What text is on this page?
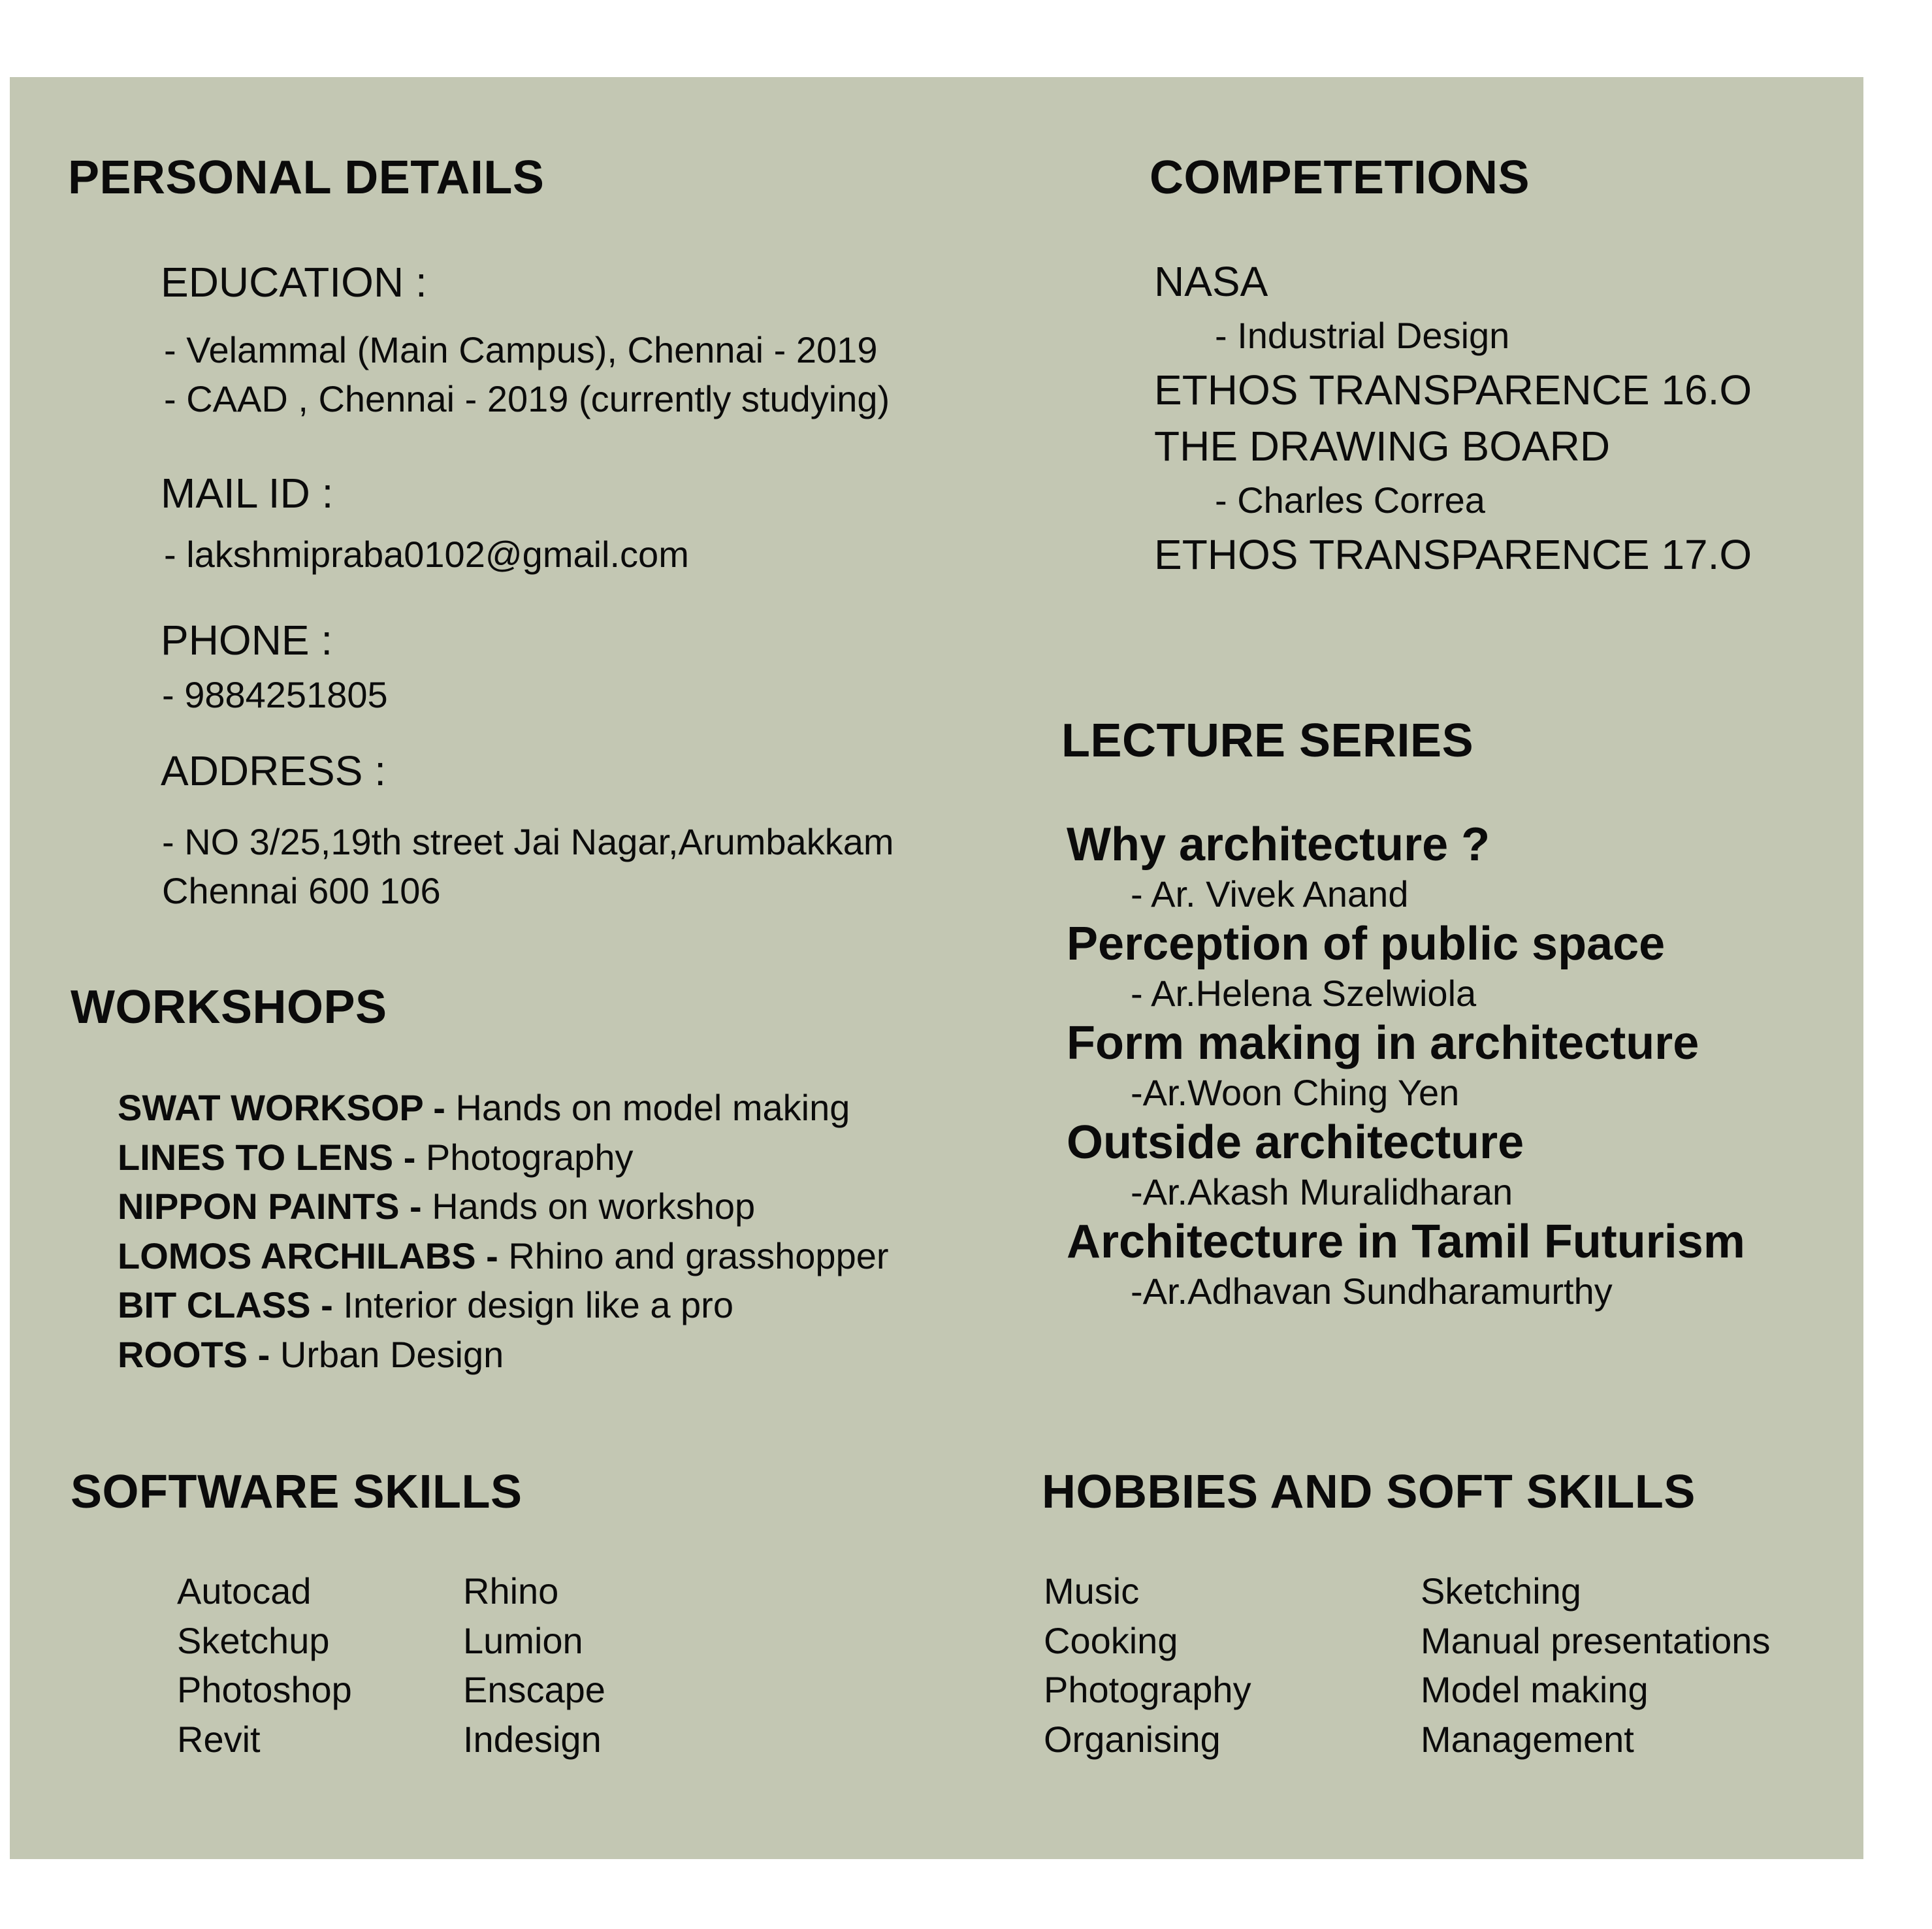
PERSONAL DETAILS
EDUCATION :
- Velammal (Main Campus), Chennai - 2019
- CAAD , Chennai - 2019 (currently studying)
MAIL ID :
- lakshmipraba0102@gmail.com
PHONE :
- 9884251805
ADDRESS :
- NO 3/25,19th street Jai Nagar,Arumbakkam
Chennai 600 106
WORKSHOPS
SWAT WORKSOP - Hands on model making
LINES TO LENS - Photography
NIPPON PAINTS - Hands on workshop
LOMOS ARCHILABS - Rhino and grasshopper
BIT CLASS - Interior design like a pro
ROOTS - Urban Design
SOFTWARE SKILLS
Autocad
Sketchup
Photoshop
Revit
Rhino
Lumion
Enscape
Indesign
COMPETETIONS
NASA
- Industrial Design
ETHOS TRANSPARENCE 16.O
THE DRAWING BOARD
- Charles Correa
ETHOS TRANSPARENCE 17.O
LECTURE SERIES
Why architecture ?
- Ar. Vivek Anand
Perception of public space
- Ar.Helena Szelwiola
Form making in architecture
-Ar.Woon Ching Yen
Outside architecture
-Ar.Akash Muralidharan
Architecture in Tamil Futurism
-Ar.Adhavan Sundharamurthy
HOBBIES AND SOFT SKILLS
Music
Cooking
Photography
Organising
Sketching
Manual presentations
Model making
Management
